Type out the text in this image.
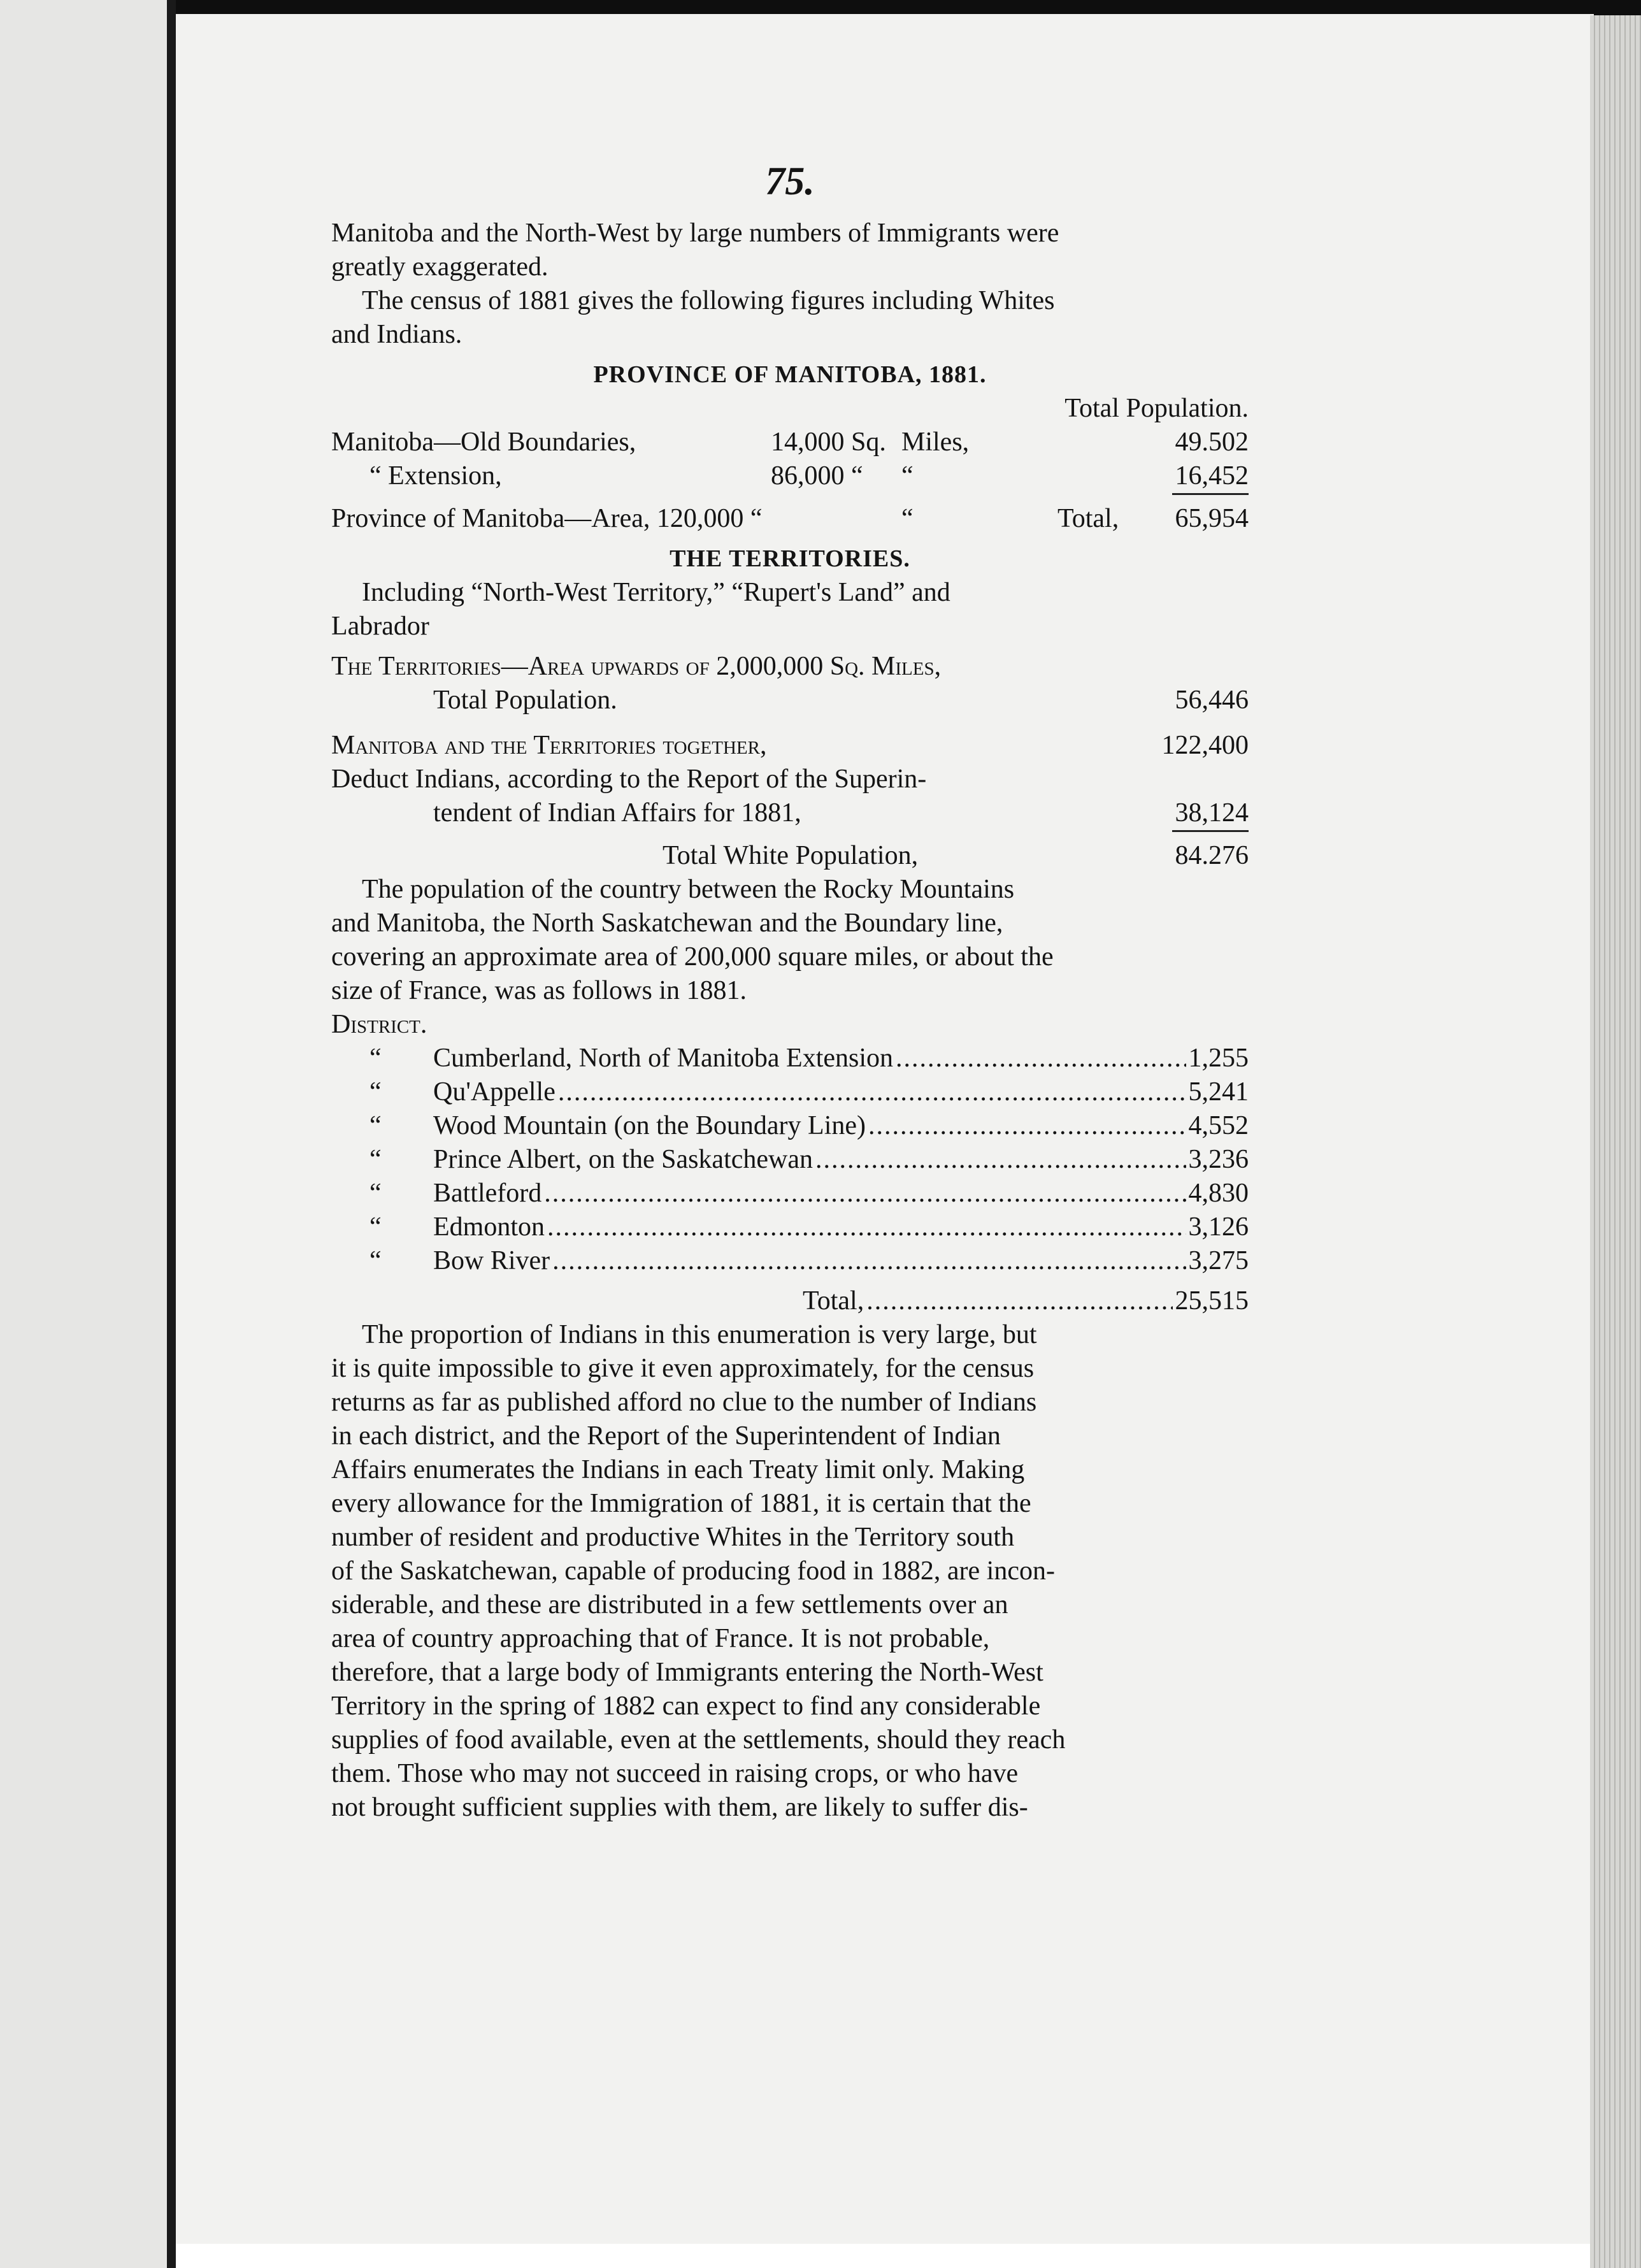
75.
Manitoba and the North-West by large numbers of Immigrants were
greatly exaggerated.
The census of 1881 gives the following figures including Whites
and Indians.
PROVINCE OF MANITOBA, 1881.
Total Population.
Manitoba—Old Boundaries,	14,000 Sq. Miles,	49.502
“ Extension,	86,000 “ “	16,452
Province of Manitoba—Area, 120,000 “	“	Total, 65,954
THE TERRITORIES.
Including “North-West Territory,” “Rupert's Land” and
Labrador
The Territories—Area upwards of 2,000,000 Sq. Miles,
Total Population.	56,446
Manitoba and the Territories together,	122,400
Deduct Indians, according to the Report of the Superin-
tendent of Indian Affairs for 1881,	38,124
Total White Population,	84.276
The population of the country between the Rocky Mountains
and Manitoba, the North Saskatchewan and the Boundary line,
covering an approximate area of 200,000 square miles, or about the
size of France, was as follows in 1881.
District.
“ Cumberland, North of Manitoba Extension .....	1,255
“ Qu'Appelle .....	5,241
“ Wood Mountain (on the Boundary Line) .....	4,552
“ Prince Albert, on the Saskatchewan .....	3,236
“ Battleford .....	4,830
“ Edmonton .....	3,126
“ Bow River .....	3,275
Total, .....	25,515
The proportion of Indians in this enumeration is very large, but
it is quite impossible to give it even approximately, for the census
returns as far as published afford no clue to the number of Indians
in each district, and the Report of the Superintendent of Indian
Affairs enumerates the Indians in each Treaty limit only. Making
every allowance for the Immigration of 1881, it is certain that the
number of resident and productive Whites in the Territory south
of the Saskatchewan, capable of producing food in 1882, are incon-
siderable, and these are distributed in a few settlements over an
area of country approaching that of France. It is not probable,
therefore, that a large body of Immigrants entering the North-West
Territory in the spring of 1882 can expect to find any considerable
supplies of food available, even at the settlements, should they reach
them. Those who may not succeed in raising crops, or who have
not brought sufficient supplies with them, are likely to suffer dis-
